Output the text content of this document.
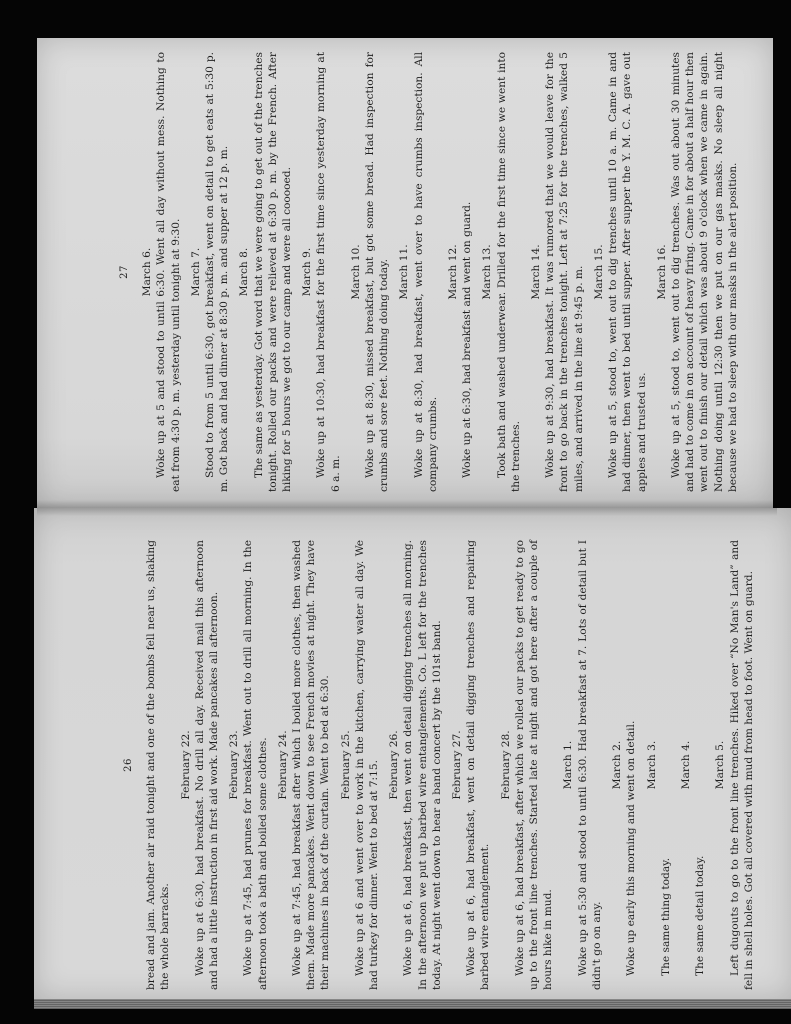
27 March 6. Woke up at 5 and stood to until 6:30. Went all day without mess. Nothing to eat from 4:30 p. m. yesterday until tonight at 9:30. March 7. Stood to from 5 until 6:30, got breakfast, went on detail to get eats at 5:30 p. m. Got back and had dinner at 8:30 p. m. and supper at 12 p. m. March 8. The same as yesterday. Got word that we were going to get out of the trenches tonight. Rolled our packs and were relieved at 6:30 p. m. by the French. After hiking for 5 hours we got to our camp and were all cooooed. March 9. Woke up at 10:30, had breakfast for the first time since yesterday morning at 6 a. m.

March 10. Woke up at 8:30, missed breakfast, but got some bread. Had inspection for crumbs and sore feet. Nothing doing today. March 11. Woke up at 8:30, had breakfast, went over to have crumbs inspection. All company crumbs.

March 12. Woke up at 6:30, had breakfast and went on guard. March 13. Took bath and washed underwear. Drilled for the first time since we went into the trenches.

March 14. Woke up at 9:30, had breakfast. It was rumored that we would leave for the front to go back in the trenches tonight. Left at 7:25 for the trenches, walked 5 miles, and arrived in the line at 9:45 p. m. March 15. Woke up at 5, stood to, went out to dig trenches until 10 a. m. Came in and had dinner, then went to bed until supper. After supper the Y. M. C. A. gave out apples and trusted us.

March 16. Woke up at 5, stood to, went out to dig trenches. Was out about 30 minutes and had to come in on account of heavy firing. Came in for about a half hour then went out to finish our detail which was about 9 o'clock when we came in again. Nothing doing until 12:30 then we put on our gas masks. No sleep all night because we had to sleep with our masks in the alert position.

26 bread and jam. Another air raid tonight and one of the bombs fell near us, shaking the whole barracks.

February 22. Woke up at 6:30, had breakfast. No drill all day. Received mail this afternoon and had a little instruction in first aid work. Made pancakes all afternoon. February 23. Woke up at 7:45, had prunes for breakfast. Went out to drill all morning. In the afternoon took a bath and boiled some clothes. February 24. Woke up at 7:45, had breakfast after which I boiled more clothes, then washed them. Made more pancakes. Went down to see French movies at night. They have their machines in back of the curtain. Went to bed at 6:30. February 25. Woke up at 6 and went over to work in the kitchen, carrying water all day. We had turkey for dinner. Went to bed at 7:15. February 26. Woke up at 6, had breakfast, then went on detail digging trenches all morning. In the afternoon we put up barbed wire entanglements. Co. L left for the trenches today. At night went down to hear a band concert by the 101st band. February 27. Woke up at 6, had breakfast, went on detail digging trenches and repairing barbed wire entanglement.

February 28. Woke up at 6, had breakfast, after which we rolled our packs to get ready to go up to the front line trenches. Started late at night and got here after a couple of hours hike in mud.

March 1. Woke up at 5:30 and stood to until 6:30. Had breakfast at 7. Lots of detail but I didn't go on any.

March 2. Woke up early this morning and went on detail. March 3.

The same thing today.

March 4.

The same detail today.

March 5. Left dugouts to go to the front line trenches. Hiked over “No Man's Land” and fell in shell holes. Got all covered with mud from head to foot. Went on guard.
